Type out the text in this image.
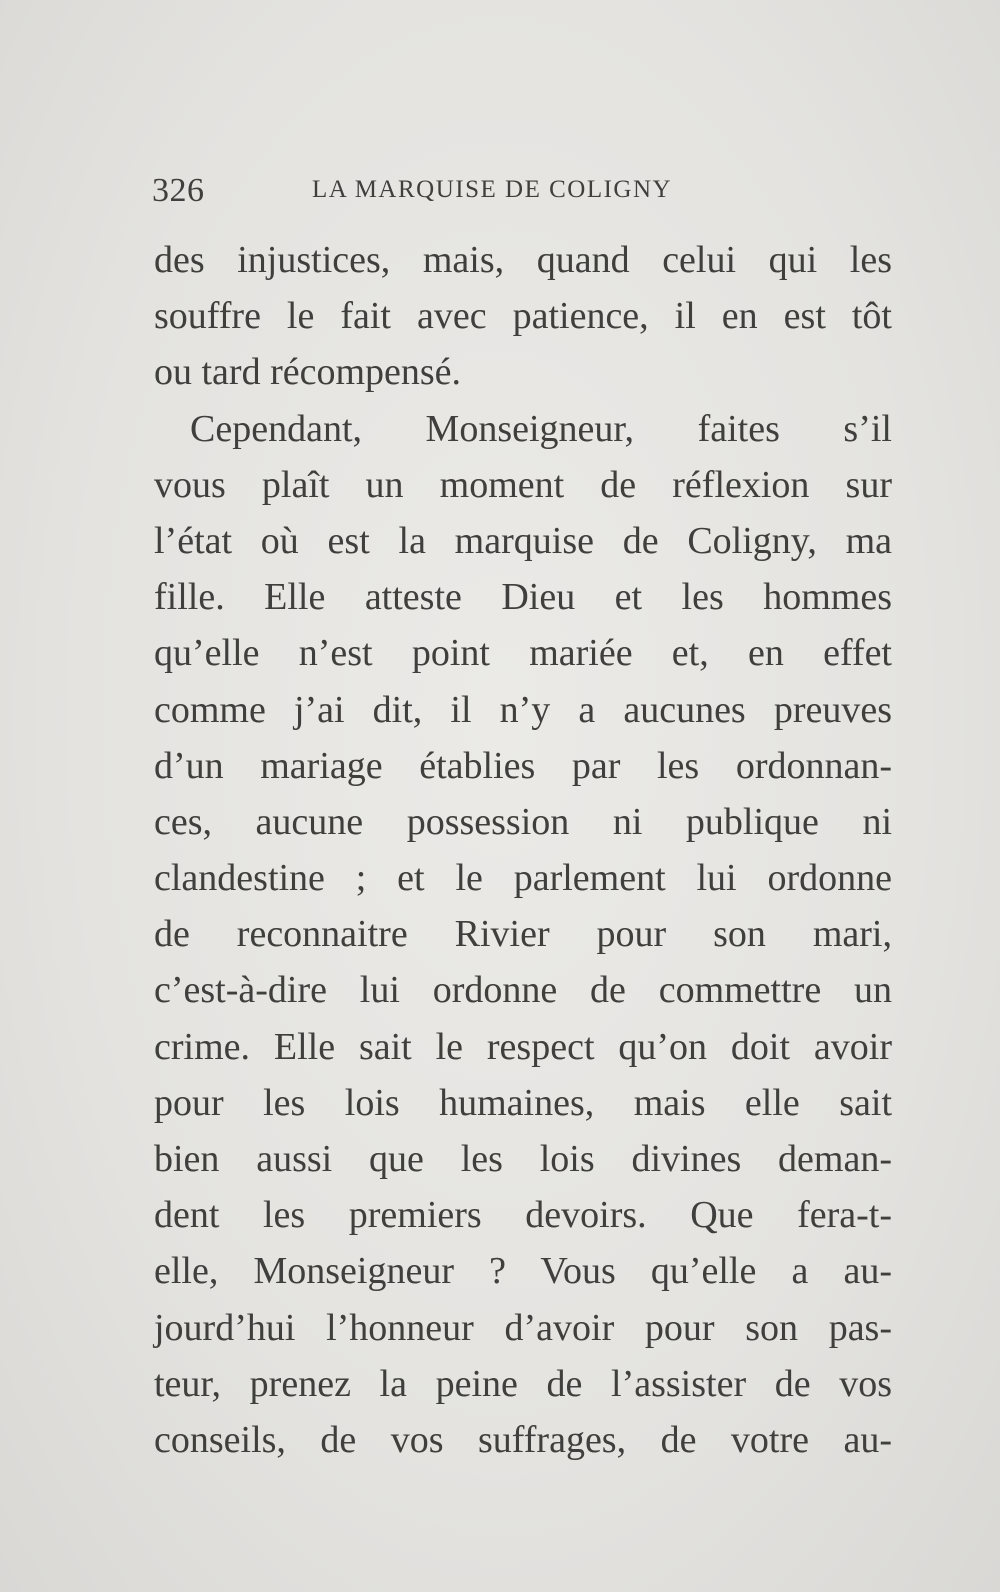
326	LA MARQUISE DE COLIGNY
des injustices, mais, quand celui qui les
souffre le fait avec patience, il en est tôt
ou tard récompensé.
Cependant, Monseigneur, faites s’il
vous plaît un moment de réflexion sur
l’état où est la marquise de Coligny, ma
fille. Elle atteste Dieu et les hommes
qu’elle n’est point mariée et, en effet
comme j’ai dit, il n’y a aucunes preuves
d’un mariage établies par les ordonnan-
ces, aucune possession ni publique ni
clandestine ; et le parlement lui ordonne
de reconnaitre Rivier pour son mari,
c’est-à-dire lui ordonne de commettre un
crime. Elle sait le respect qu’on doit avoir
pour les lois humaines, mais elle sait
bien aussi que les lois divines deman-
dent les premiers devoirs. Que fera-t-
elle, Monseigneur ? Vous qu’elle a au-
jourd’hui l’honneur d’avoir pour son pas-
teur, prenez la peine de l’assister de vos
conseils, de vos suffrages, de votre au-
